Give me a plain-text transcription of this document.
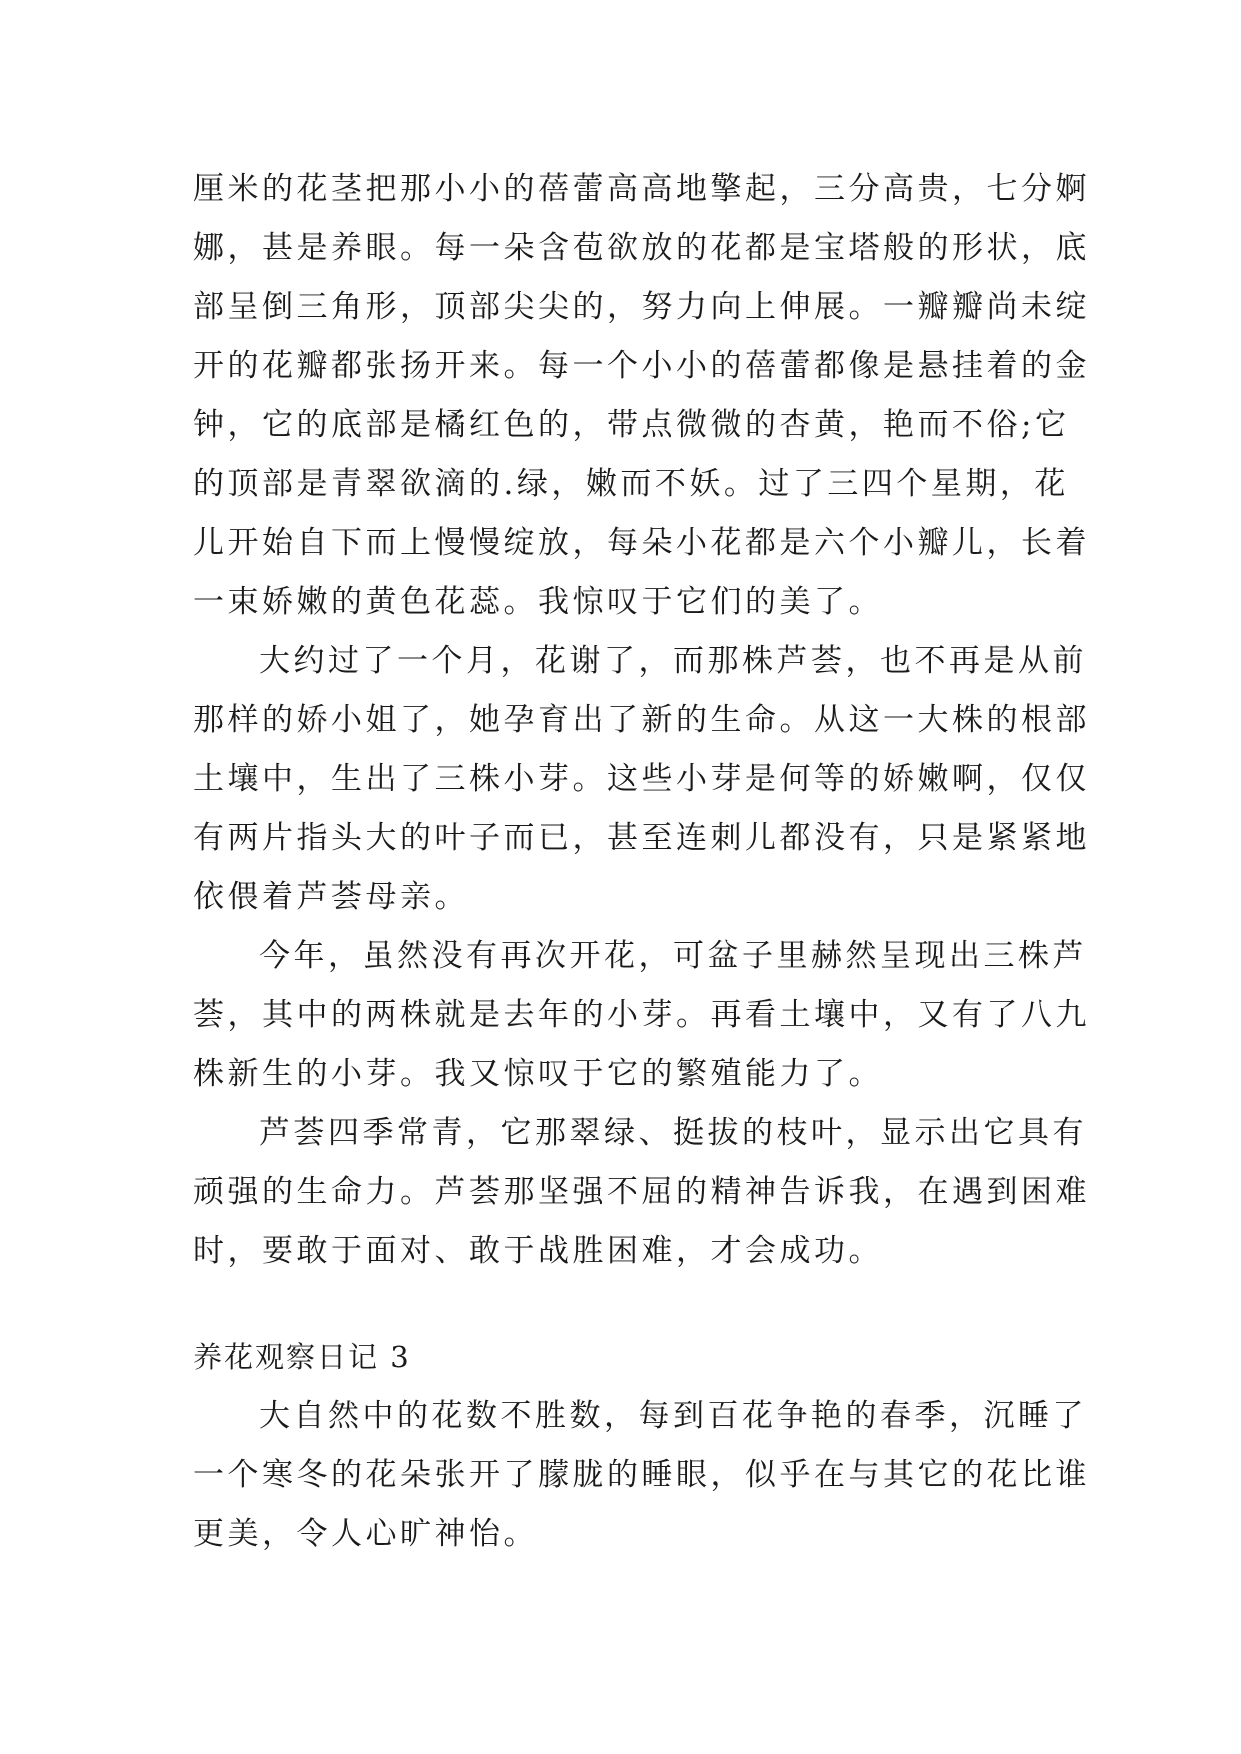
厘米的花茎把那小小的蓓蕾高高地擎起，三分高贵，七分婀
娜，甚是养眼。每一朵含苞欲放的花都是宝塔般的形状，底
部呈倒三角形，顶部尖尖的，努力向上伸展。一瓣瓣尚未绽
开的花瓣都张扬开来。每一个小小的蓓蕾都像是悬挂着的金
钟，它的底部是橘红色的，带点微微的杏黄，艳而不俗;它
的顶部是青翠欲滴的.绿，嫩而不妖。过了三四个星期，花
儿开始自下而上慢慢绽放，每朵小花都是六个小瓣儿，长着
一束娇嫩的黄色花蕊。我惊叹于它们的美了。
大约过了一个月，花谢了，而那株芦荟，也不再是从前
那样的娇小姐了，她孕育出了新的生命。从这一大株的根部
土壤中，生出了三株小芽。这些小芽是何等的娇嫩啊，仅仅
有两片指头大的叶子而已，甚至连刺儿都没有，只是紧紧地
依偎着芦荟母亲。
今年，虽然没有再次开花，可盆子里赫然呈现出三株芦
荟，其中的两株就是去年的小芽。再看土壤中，又有了八九
株新生的小芽。我又惊叹于它的繁殖能力了。
芦荟四季常青，它那翠绿、挺拔的枝叶，显示出它具有
顽强的生命力。芦荟那坚强不屈的精神告诉我，在遇到困难
时，要敢于面对、敢于战胜困难，才会成功。
养花观察日记 3
大自然中的花数不胜数，每到百花争艳的春季，沉睡了
一个寒冬的花朵张开了朦胧的睡眼，似乎在与其它的花比谁
更美，令人心旷神怡。
